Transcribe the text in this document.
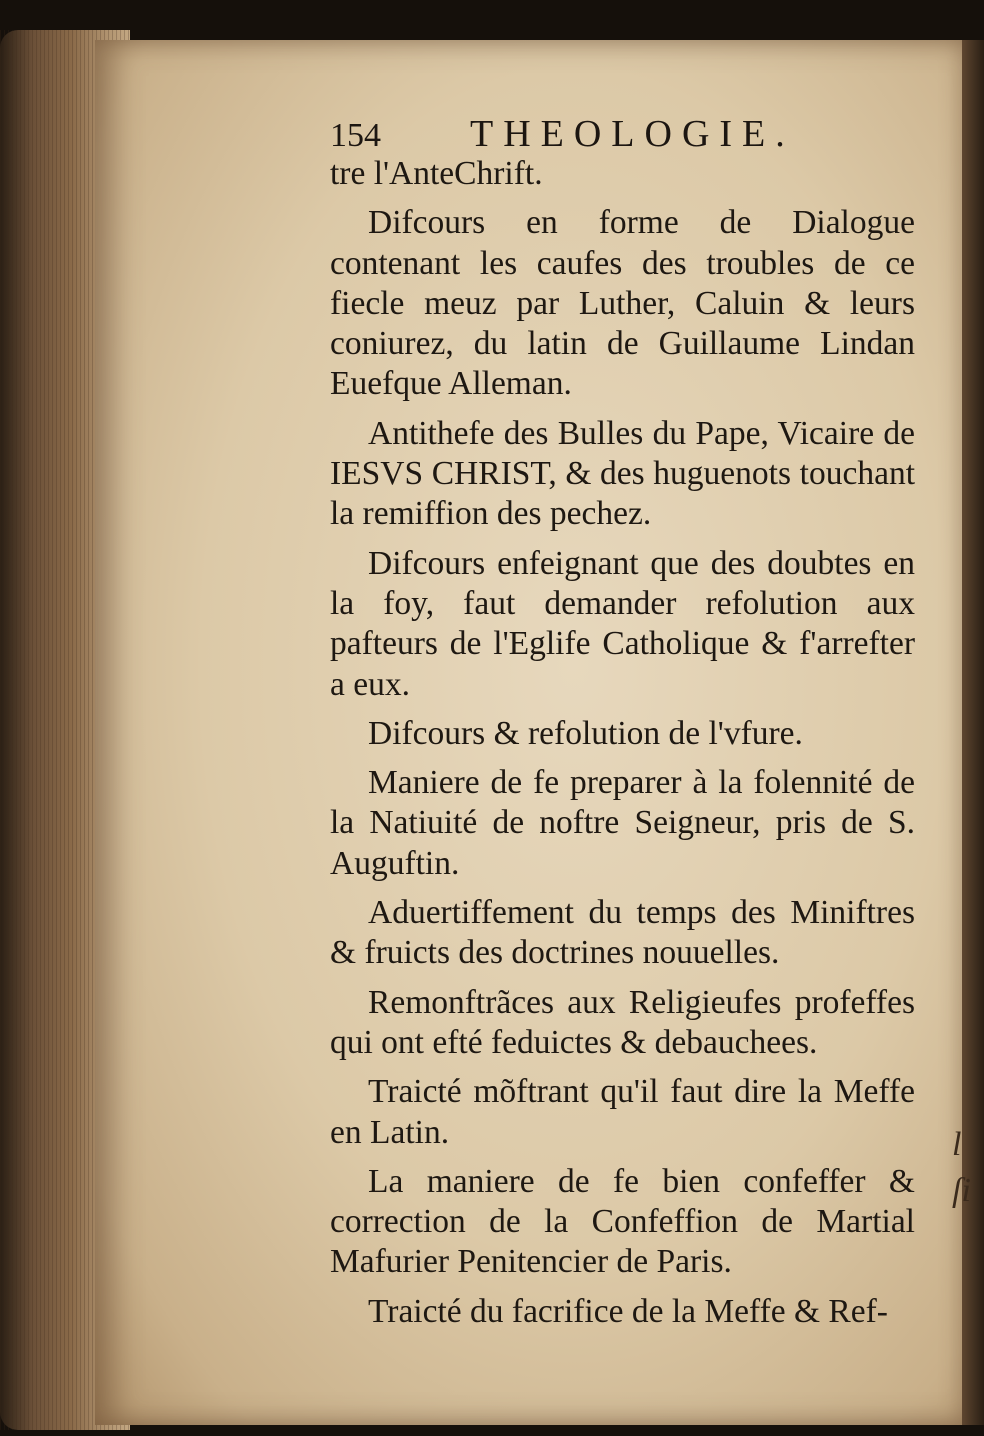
l
ſi
154	THEOLOGIE.

tre l'AnteChrift.

Difcours en forme de Dialogue contenant les caufes des troubles de ce fiecle meuz par Luther, Caluin & leurs coniurez, du latin de Guillaume Lindan Euefque Alleman.

Antithefe des Bulles du Pape, Vicaire de IESVS CHRIST, & des huguenots touchant la remiffion des pechez.

Difcours enfeignant que des doubtes en la foy, faut demander refolution aux pafteurs de l'Eglife Catholique & f'arrefter a eux.

Difcours & refolution de l'vfure.

Maniere de fe preparer à la folennité de la Natiuité de noftre Seigneur, pris de S. Auguftin.

Aduertiffement du temps des Miniftres & fruicts des doctrines nouuelles.

Remonftrãces aux Religieufes profeffes qui ont efté feduictes & debauchees.

Traicté mõftrant qu'il faut dire la Meffe en Latin.

La maniere de fe bien confeffer & correction de la Confeffion de Martial Mafurier Penitencier de Paris.

Traicté du facrifice de la Meffe & Ref-
